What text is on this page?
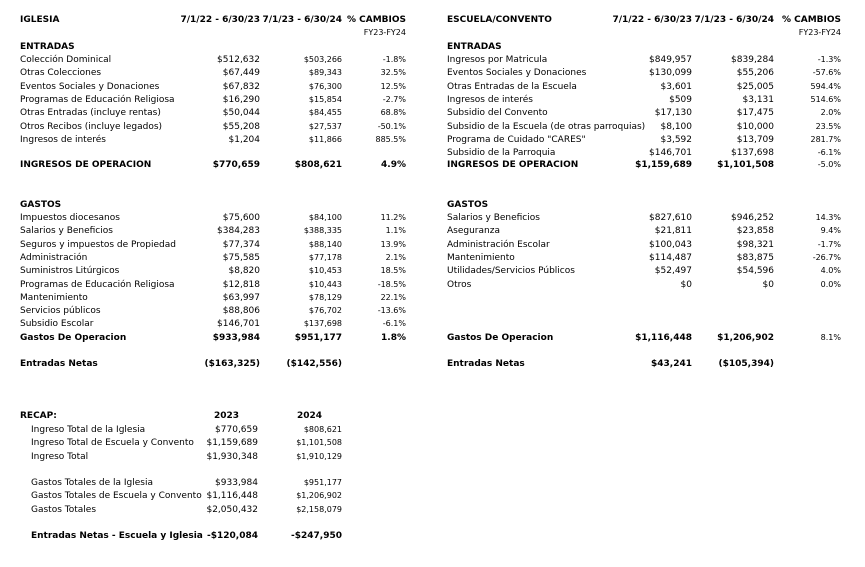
IGLESIA	7/1/22 - 6/30/23 7/1/23 - 6/30/24 % CAMBIOS
FY23-FY24
ENTRADAS
Colección Dominical	$512,632	$503,266	-1.8%
Otras Colecciones	$67,449	$89,343	32.5%
Eventos Sociales y Donaciones	$67,832	$76,300	12.5%
Programas de Educación Religiosa	$16,290	$15,854	-2.7%
Otras Entradas (incluye rentas)	$50,044	$84,455	68.8%
Otros Recibos (incluye legados)	$55,208	$27,537	-50.1%
Ingresos de interés	$1,204	$11,866	885.5%
INGRESOS DE OPERACION	$770,659	$808,621	4.9%
GASTOS
Impuestos diocesanos	$75,600	$84,100	11.2%
Salarios y Beneficios	$384,283	$388,335	1.1%
Seguros y impuestos de Propiedad	$77,374	$88,140	13.9%
Administración	$75,585	$77,178	2.1%
Suministros Litúrgicos	$8,820	$10,453	18.5%
Programas de Educación Religiosa	$12,818	$10,443	-18.5%
Mantenimiento	$63,997	$78,129	22.1%
Servicios públicos	$88,806	$76,702	-13.6%
Subsidio Escolar	$146,701	$137,698	-6.1%
Gastos De Operacion	$933,984	$951,177	1.8%
Entradas Netas	($163,325)	($142,556)
ESCUELA/CONVENTO	7/1/22 - 6/30/23 7/1/23 - 6/30/24 % CAMBIOS
FY23-FY24
ENTRADAS
Ingresos por Matricula	$849,957	$839,284	-1.3%
Eventos Sociales y Donaciones	$130,099	$55,206	-57.6%
Otras Entradas de la Escuela	$3,601	$25,005	594.4%
Ingresos de interés	$509	$3,131	514.6%
Subsidio del Convento	$17,130	$17,475	2.0%
Subsidio de la Escuela (de otras parroquias)	$8,100	$10,000	23.5%
Programa de Cuidado "CARES"	$3,592	$13,709	281.7%
Subsidio de la Parroquia	$146,701	$137,698	-6.1%
INGRESOS DE OPERACION	$1,159,689	$1,101,508	-5.0%
GASTOS
Salarios y Beneficios	$827,610	$946,252	14.3%
Aseguranza	$21,811	$23,858	9.4%
Administración Escolar	$100,043	$98,321	-1.7%
Mantenimiento	$114,487	$83,875	-26.7%
Utilidades/Servicios Públicos	$52,497	$54,596	4.0%
Otros	$0	$0	0.0%
Gastos De Operacion	$1,116,448	$1,206,902	8.1%
Entradas Netas	$43,241	($105,394)
RECAP:	2023	2024
Ingreso Total de la Iglesia	$770,659	$808,621
Ingreso Total de Escuela y Convento	$1,159,689	$1,101,508
Ingreso Total	$1,930,348	$1,910,129
Gastos Totales de la Iglesia	$933,984	$951,177
Gastos Totales de Escuela y Convento $1,116,448	$1,206,902
Gastos Totales	$2,050,432	$2,158,079
Entradas Netas - Escuela y Iglesia -$120,084	-$247,950
